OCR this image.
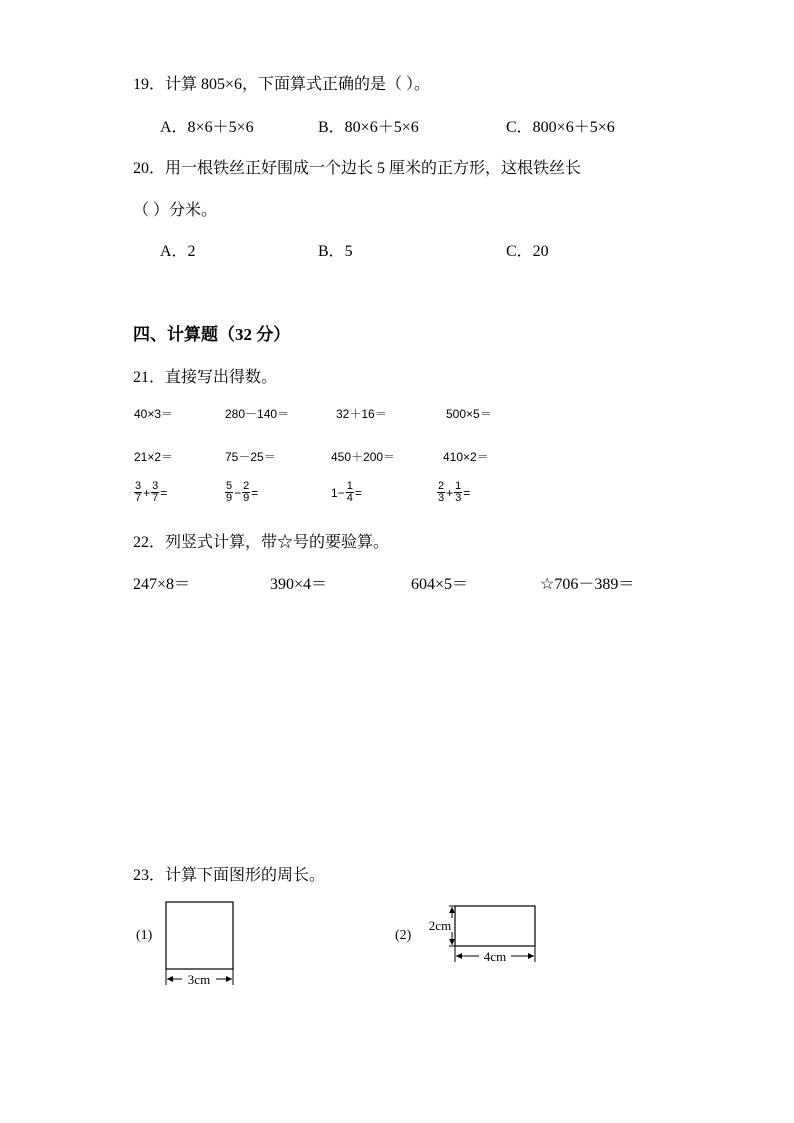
19．计算 805×6，下面算式正确的是（ ）。
A．8×6＋5×6	B．80×6＋5×6	C．800×6＋5×6
20．用一根铁丝正好围成一个边长 5 厘米的正方形，这根铁丝长
（ ）分米。
A．2	B．5	C．20
四、计算题（32 分）
21．直接写出得数。
40×3＝	280－140＝	32＋16＝	500×5＝
21×2＝	75－25＝	450＋200＝	410×2＝
$\frac{3}{7} + \frac{3}{7}$ =	$\frac{5}{9} - \frac{2}{9}$ =	$1- \frac{1}{4}$ =	$\frac{2}{3} + \frac{1}{3}$ =
22．列竖式计算，带☆号的要验算。
247×8＝	390×4＝	604×5＝	☆706－389＝
23．计算下面图形的周长。
(1)
3cm
(2)
2cm
4cm
